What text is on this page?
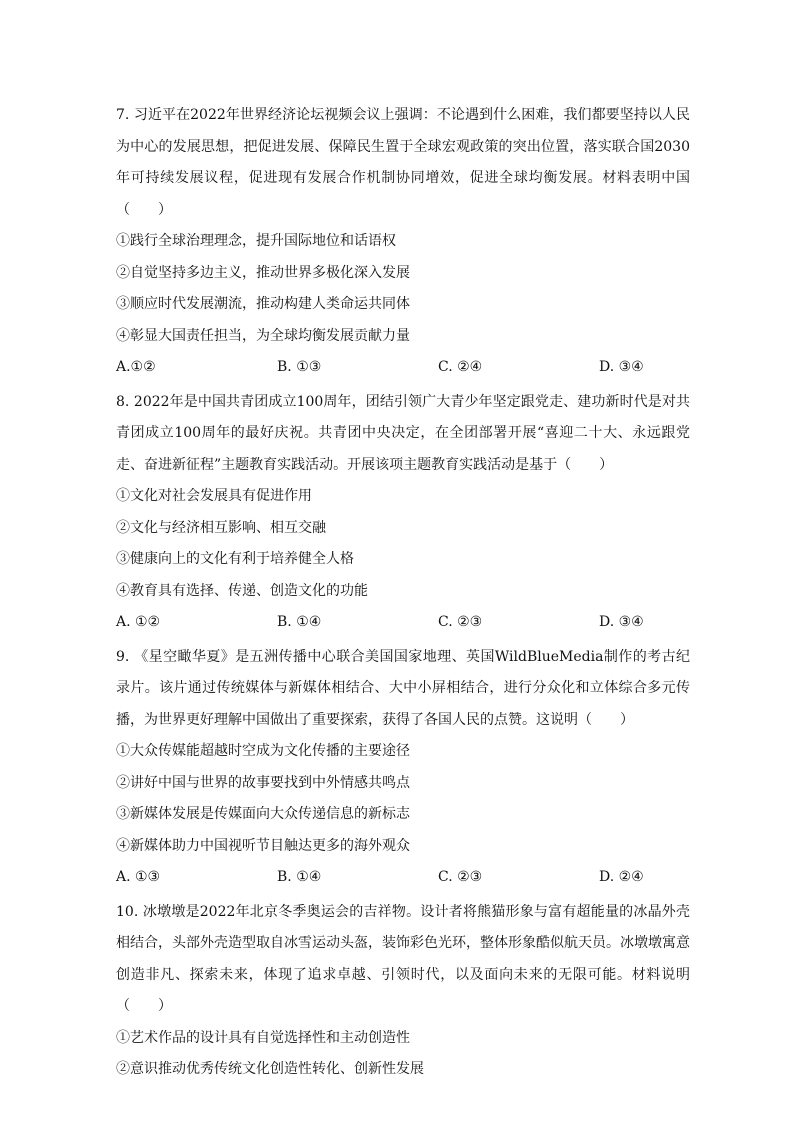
7. 习近平在2022年世界经济论坛视频会议上强调：不论遇到什么困难，我们都要坚持以人民为中心的发展思想，把促进发展、保障民生置于全球宏观政策的突出位置，落实联合国2030年可持续发展议程，促进现有发展合作机制协同增效，促进全球均衡发展。材料表明中国（　　）

①践行全球治理理念，提升国际地位和话语权

②自觉坚持多边主义，推动世界多极化深入发展

③顺应时代发展潮流，推动构建人类命运共同体

④彰显大国责任担当，为全球均衡发展贡献力量

A.①②	B. ①③	C. ②④	D. ③④

8. 2022年是中国共青团成立100周年，团结引领广大青少年坚定跟党走、建功新时代是对共青团成立100周年的最好庆祝。共青团中央决定，在全团部署开展“喜迎二十大、永远跟党走、奋进新征程”主题教育实践活动。开展该项主题教育实践活动是基于（　　）

①文化对社会发展具有促进作用

②文化与经济相互影响、相互交融

③健康向上的文化有利于培养健全人格

④教育具有选择、传递、创造文化的功能

A. ①②	B. ①④	C. ②③	D. ③④

9. 《星空瞰华夏》是五洲传播中心联合美国国家地理、英国WildBlueMedia制作的考古纪录片。该片通过传统媒体与新媒体相结合、大中小屏相结合，进行分众化和立体综合多元传播，为世界更好理解中国做出了重要探索，获得了各国人民的点赞。这说明（　　）

①大众传媒能超越时空成为文化传播的主要途径

②讲好中国与世界的故事要找到中外情感共鸣点

③新媒体发展是传媒面向大众传递信息的新标志

④新媒体助力中国视听节目触达更多的海外观众

A. ①③	B. ①④	C. ②③	D. ②④

10. 冰墩墩是2022年北京冬季奥运会的吉祥物。设计者将熊猫形象与富有超能量的冰晶外壳相结合，头部外壳造型取自冰雪运动头盔，装饰彩色光环，整体形象酷似航天员。冰墩墩寓意创造非凡、探索未来，体现了追求卓越、引领时代，以及面向未来的无限可能。材料说明（　　）

①艺术作品的设计具有自觉选择性和主动创造性

②意识推动优秀传统文化创造性转化、创新性发展
